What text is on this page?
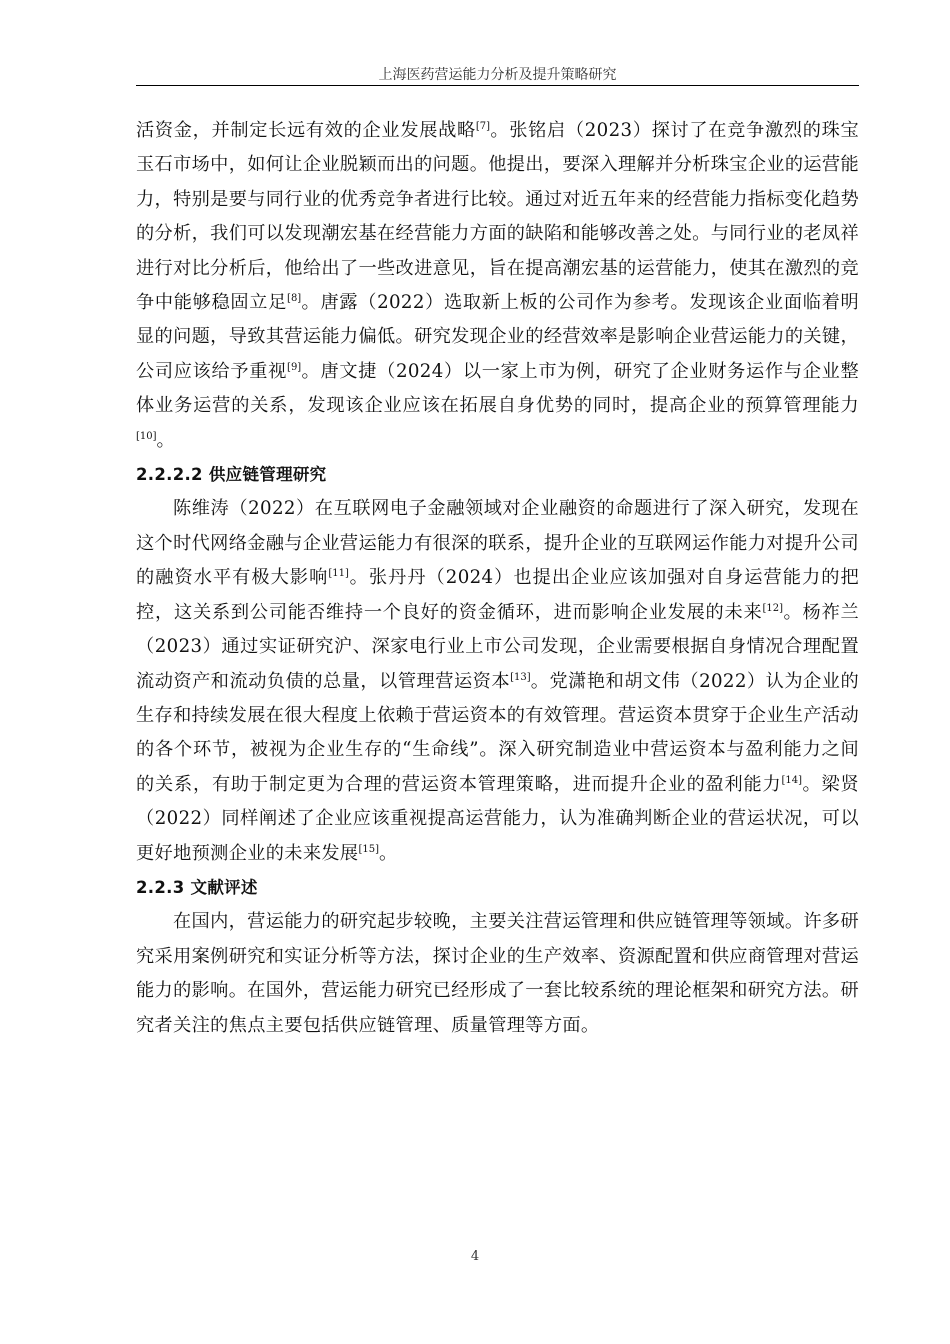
上海医药营运能力分析及提升策略研究

活资金，并制定长远有效的企业发展战略[7]。张铭启（2023）探讨了在竞争激烈的珠宝玉石市场中，如何让企业脱颖而出的问题。他提出，要深入理解并分析珠宝企业的运营能力，特别是要与同行业的优秀竞争者进行比较。通过对近五年来的经营能力指标变化趋势的分析，我们可以发现潮宏基在经营能力方面的缺陷和能够改善之处。与同行业的老凤祥进行对比分析后，他给出了一些改进意见，旨在提高潮宏基的运营能力，使其在激烈的竞争中能够稳固立足[8]。唐露（2022）选取新上板的公司作为参考。发现该企业面临着明显的问题，导致其营运能力偏低。研究发现企业的经营效率是影响企业营运能力的关键，公司应该给予重视[9]。唐文捷（2024）以一家上市为例，研究了企业财务运作与企业整体业务运营的关系，发现该企业应该在拓展自身优势的同时，提高企业的预算管理能力[10]。

2.2.2.2 供应链管理研究

陈维涛（2022）在互联网电子金融领域对企业融资的命题进行了深入研究，发现在这个时代网络金融与企业营运能力有很深的联系，提升企业的互联网运作能力对提升公司的融资水平有极大影响[11]。张丹丹（2024）也提出企业应该加强对自身运营能力的把控，这关系到公司能否维持一个良好的资金循环，进而影响企业发展的未来[12]。杨祚兰（2023）通过实证研究沪、深家电行业上市公司发现，企业需要根据自身情况合理配置流动资产和流动负债的总量，以管理营运资本[13]。党潇艳和胡文伟（2022）认为企业的生存和持续发展在很大程度上依赖于营运资本的有效管理。营运资本贯穿于企业生产活动的各个环节，被视为企业生存的“生命线”。深入研究制造业中营运资本与盈利能力之间的关系，有助于制定更为合理的营运资本管理策略，进而提升企业的盈利能力[14]。梁贤（2022）同样阐述了企业应该重视提高运营能力，认为准确判断企业的营运状况，可以更好地预测企业的未来发展[15]。

2.2.3 文献评述

在国内，营运能力的研究起步较晚，主要关注营运管理和供应链管理等领域。许多研究采用案例研究和实证分析等方法，探讨企业的生产效率、资源配置和供应商管理对营运能力的影响。在国外，营运能力研究已经形成了一套比较系统的理论框架和研究方法。研究者关注的焦点主要包括供应链管理、质量管理等方面。

4
